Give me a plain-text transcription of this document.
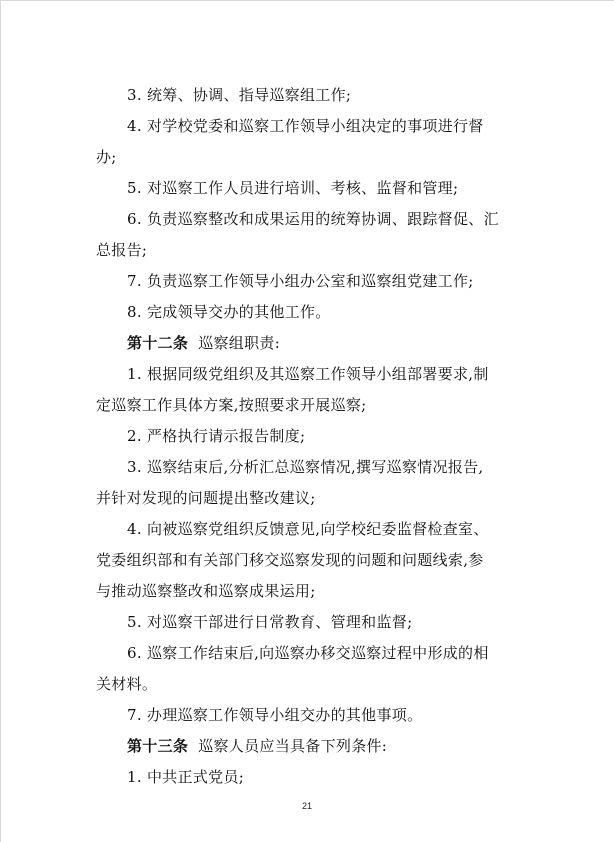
3. 统筹、协调、指导巡察组工作;
4. 对学校党委和巡察工作领导小组决定的事项进行督
办;
5. 对巡察工作人员进行培训、考核、监督和管理;
6. 负责巡察整改和成果运用的统筹协调、跟踪督促、汇
总报告;
7. 负责巡察工作领导小组办公室和巡察组党建工作;
8. 完成领导交办的其他工作。
第十二条 巡察组职责:
1. 根据同级党组织及其巡察工作领导小组部署要求,制
定巡察工作具体方案,按照要求开展巡察;
2. 严格执行请示报告制度;
3. 巡察结束后,分析汇总巡察情况,撰写巡察情况报告,
并针对发现的问题提出整改建议;
4. 向被巡察党组织反馈意见,向学校纪委监督检查室、
党委组织部和有关部门移交巡察发现的问题和问题线索,参
与推动巡察整改和巡察成果运用;
5. 对巡察干部进行日常教育、管理和监督;
6. 巡察工作结束后,向巡察办移交巡察过程中形成的相
关材料。
7. 办理巡察工作领导小组交办的其他事项。
第十三条 巡察人员应当具备下列条件:
1. 中共正式党员;
21
